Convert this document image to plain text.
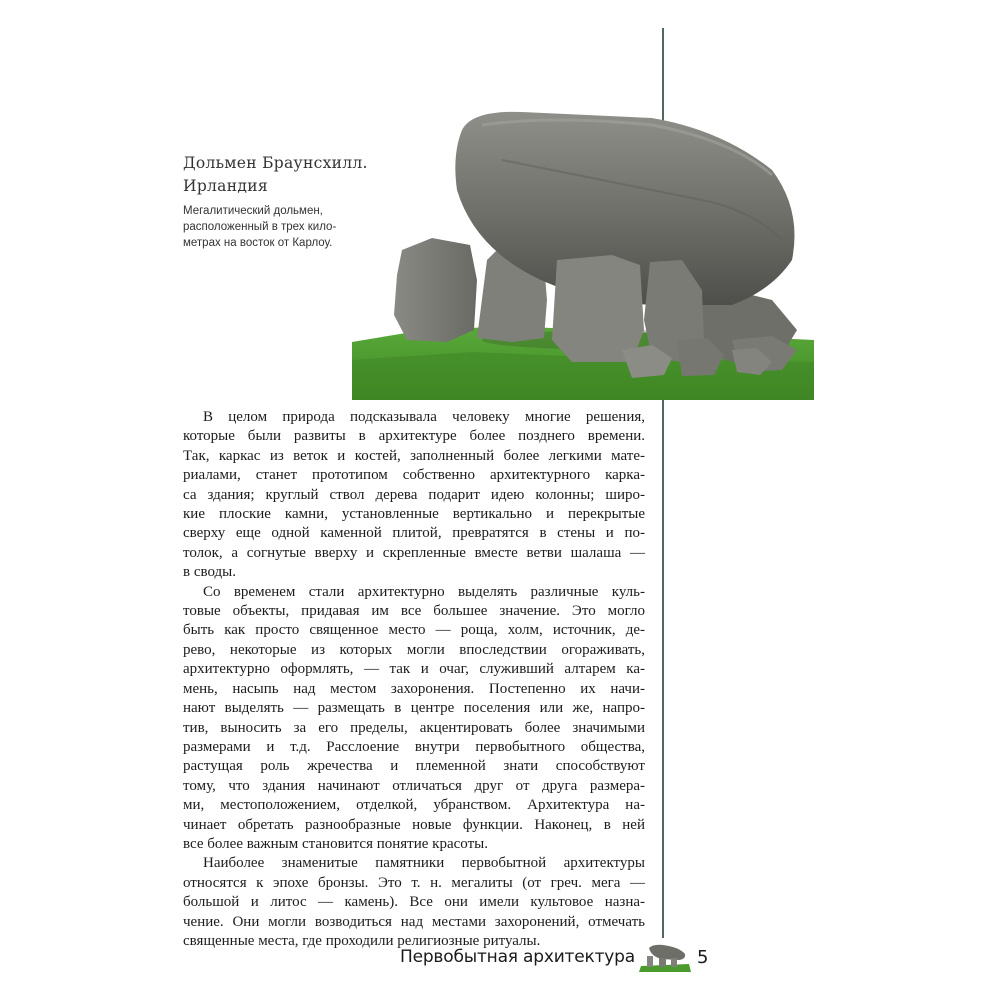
Дольмен Браунсхилл.
Ирландия
Мегалитический дольмен,
расположенный в трех кило-
метрах на восток от Карлоу.
В целом природа подсказывала человеку многие решения,
которые были развиты в архитектуре более позднего времени.
Так, каркас из веток и костей, заполненный более легкими мате-
риалами, станет прототипом собственно архитектурного карка-
са здания; круглый ствол дерева подарит идею колонны; широ-
кие плоские камни, установленные вертикально и перекрытые
сверху еще одной каменной плитой, превратятся в стены и по-
толок, а согнутые вверху и скрепленные вместе ветви шалаша —
в своды.
Со временем стали архитектурно выделять различные куль-
товые объекты, придавая им все большее значение. Это могло
быть как просто священное место — роща, холм, источник, де-
рево, некоторые из которых могли впоследствии огораживать,
архитектурно оформлять, — так и очаг, служивший алтарем ка-
мень, насыпь над местом захоронения. Постепенно их начи-
нают выделять — размещать в центре поселения или же, напро-
тив, выносить за его пределы, акцентировать более значимыми
размерами и т.д. Расслоение внутри первобытного общества,
растущая роль жречества и племенной знати способствуют
тому, что здания начинают отличаться друг от друга размера-
ми, местоположением, отделкой, убранством. Архитектура на-
чинает обретать разнообразные новые функции. Наконец, в ней
все более важным становится понятие красоты.
Наиболее знаменитые памятники первобытной архитектуры
относятся к эпохе бронзы. Это т. н. мегалиты (от греч. мега —
большой и литос — камень). Все они имели культовое назна-
чение. Они могли возводиться над местами захоронений, отмечать
священные места, где проходили религиозные ритуалы.
Первобытная архитектура	5
